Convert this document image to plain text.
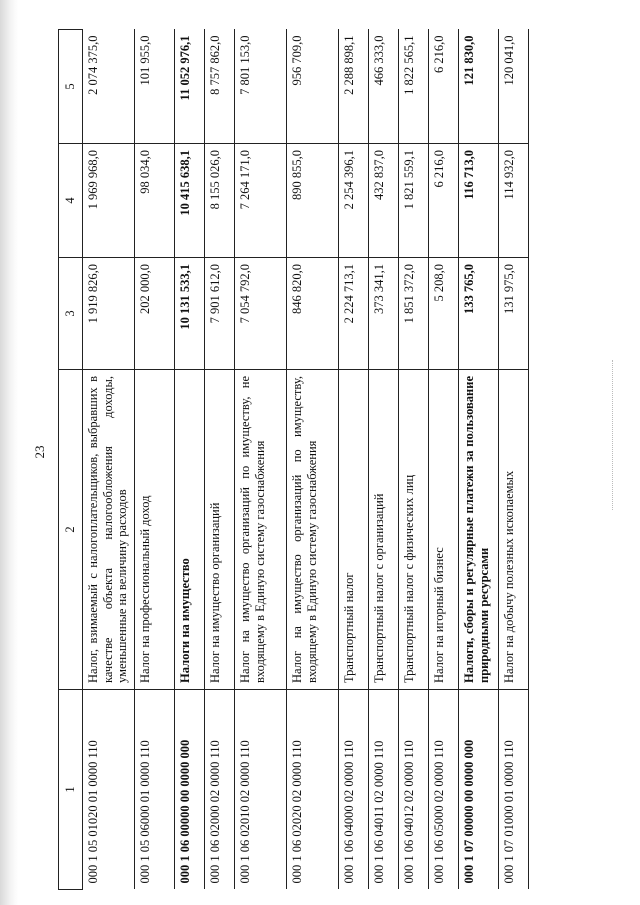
23
1	2	3	4	5
000 1 05 01020 01 0000 110	Налог, взимаемый с налогоплательщиков, выбравших в качестве объекта налогообложения доходы, уменьшенные на величину расходов	1 919 826,0	1 969 968,0	2 074 375,0
000 1 05 06000 01 0000 110	Налог на профессиональный доход	202 000,0	98 034,0	101 955,0
000 1 06 00000 00 0000 000	Налоги на имущество	10 131 533,1	10 415 638,1	11 052 976,1
000 1 06 02000 02 0000 110	Налог на имущество организаций	7 901 612,0	8 155 026,0	8 757 862,0
000 1 06 02010 02 0000 110	Налог на имущество организаций по имуществу, не входящему в Единую систему газоснабжения	7 054 792,0	7 264 171,0	7 801 153,0
000 1 06 02020 02 0000 110	Налог на имущество организаций по имуществу, входящему в Единую систему газоснабжения	846 820,0	890 855,0	956 709,0
000 1 06 04000 02 0000 110	Транспортный налог	2 224 713,1	2 254 396,1	2 288 898,1
000 1 06 04011 02 0000 110	Транспортный налог с организаций	373 341,1	432 837,0	466 333,0
000 1 06 04012 02 0000 110	Транспортный налог с физических лиц	1 851 372,0	1 821 559,1	1 822 565,1
000 1 06 05000 02 0000 110	Налог на игорный бизнес	5 208,0	6 216,0	6 216,0
000 1 07 00000 00 0000 000	Налоги, сборы и регулярные платежи за пользование природными ресурсами	133 765,0	116 713,0	121 830,0
000 1 07 01000 01 0000 110	Налог на добычу полезных ископаемых	131 975,0	114 932,0	120 041,0
